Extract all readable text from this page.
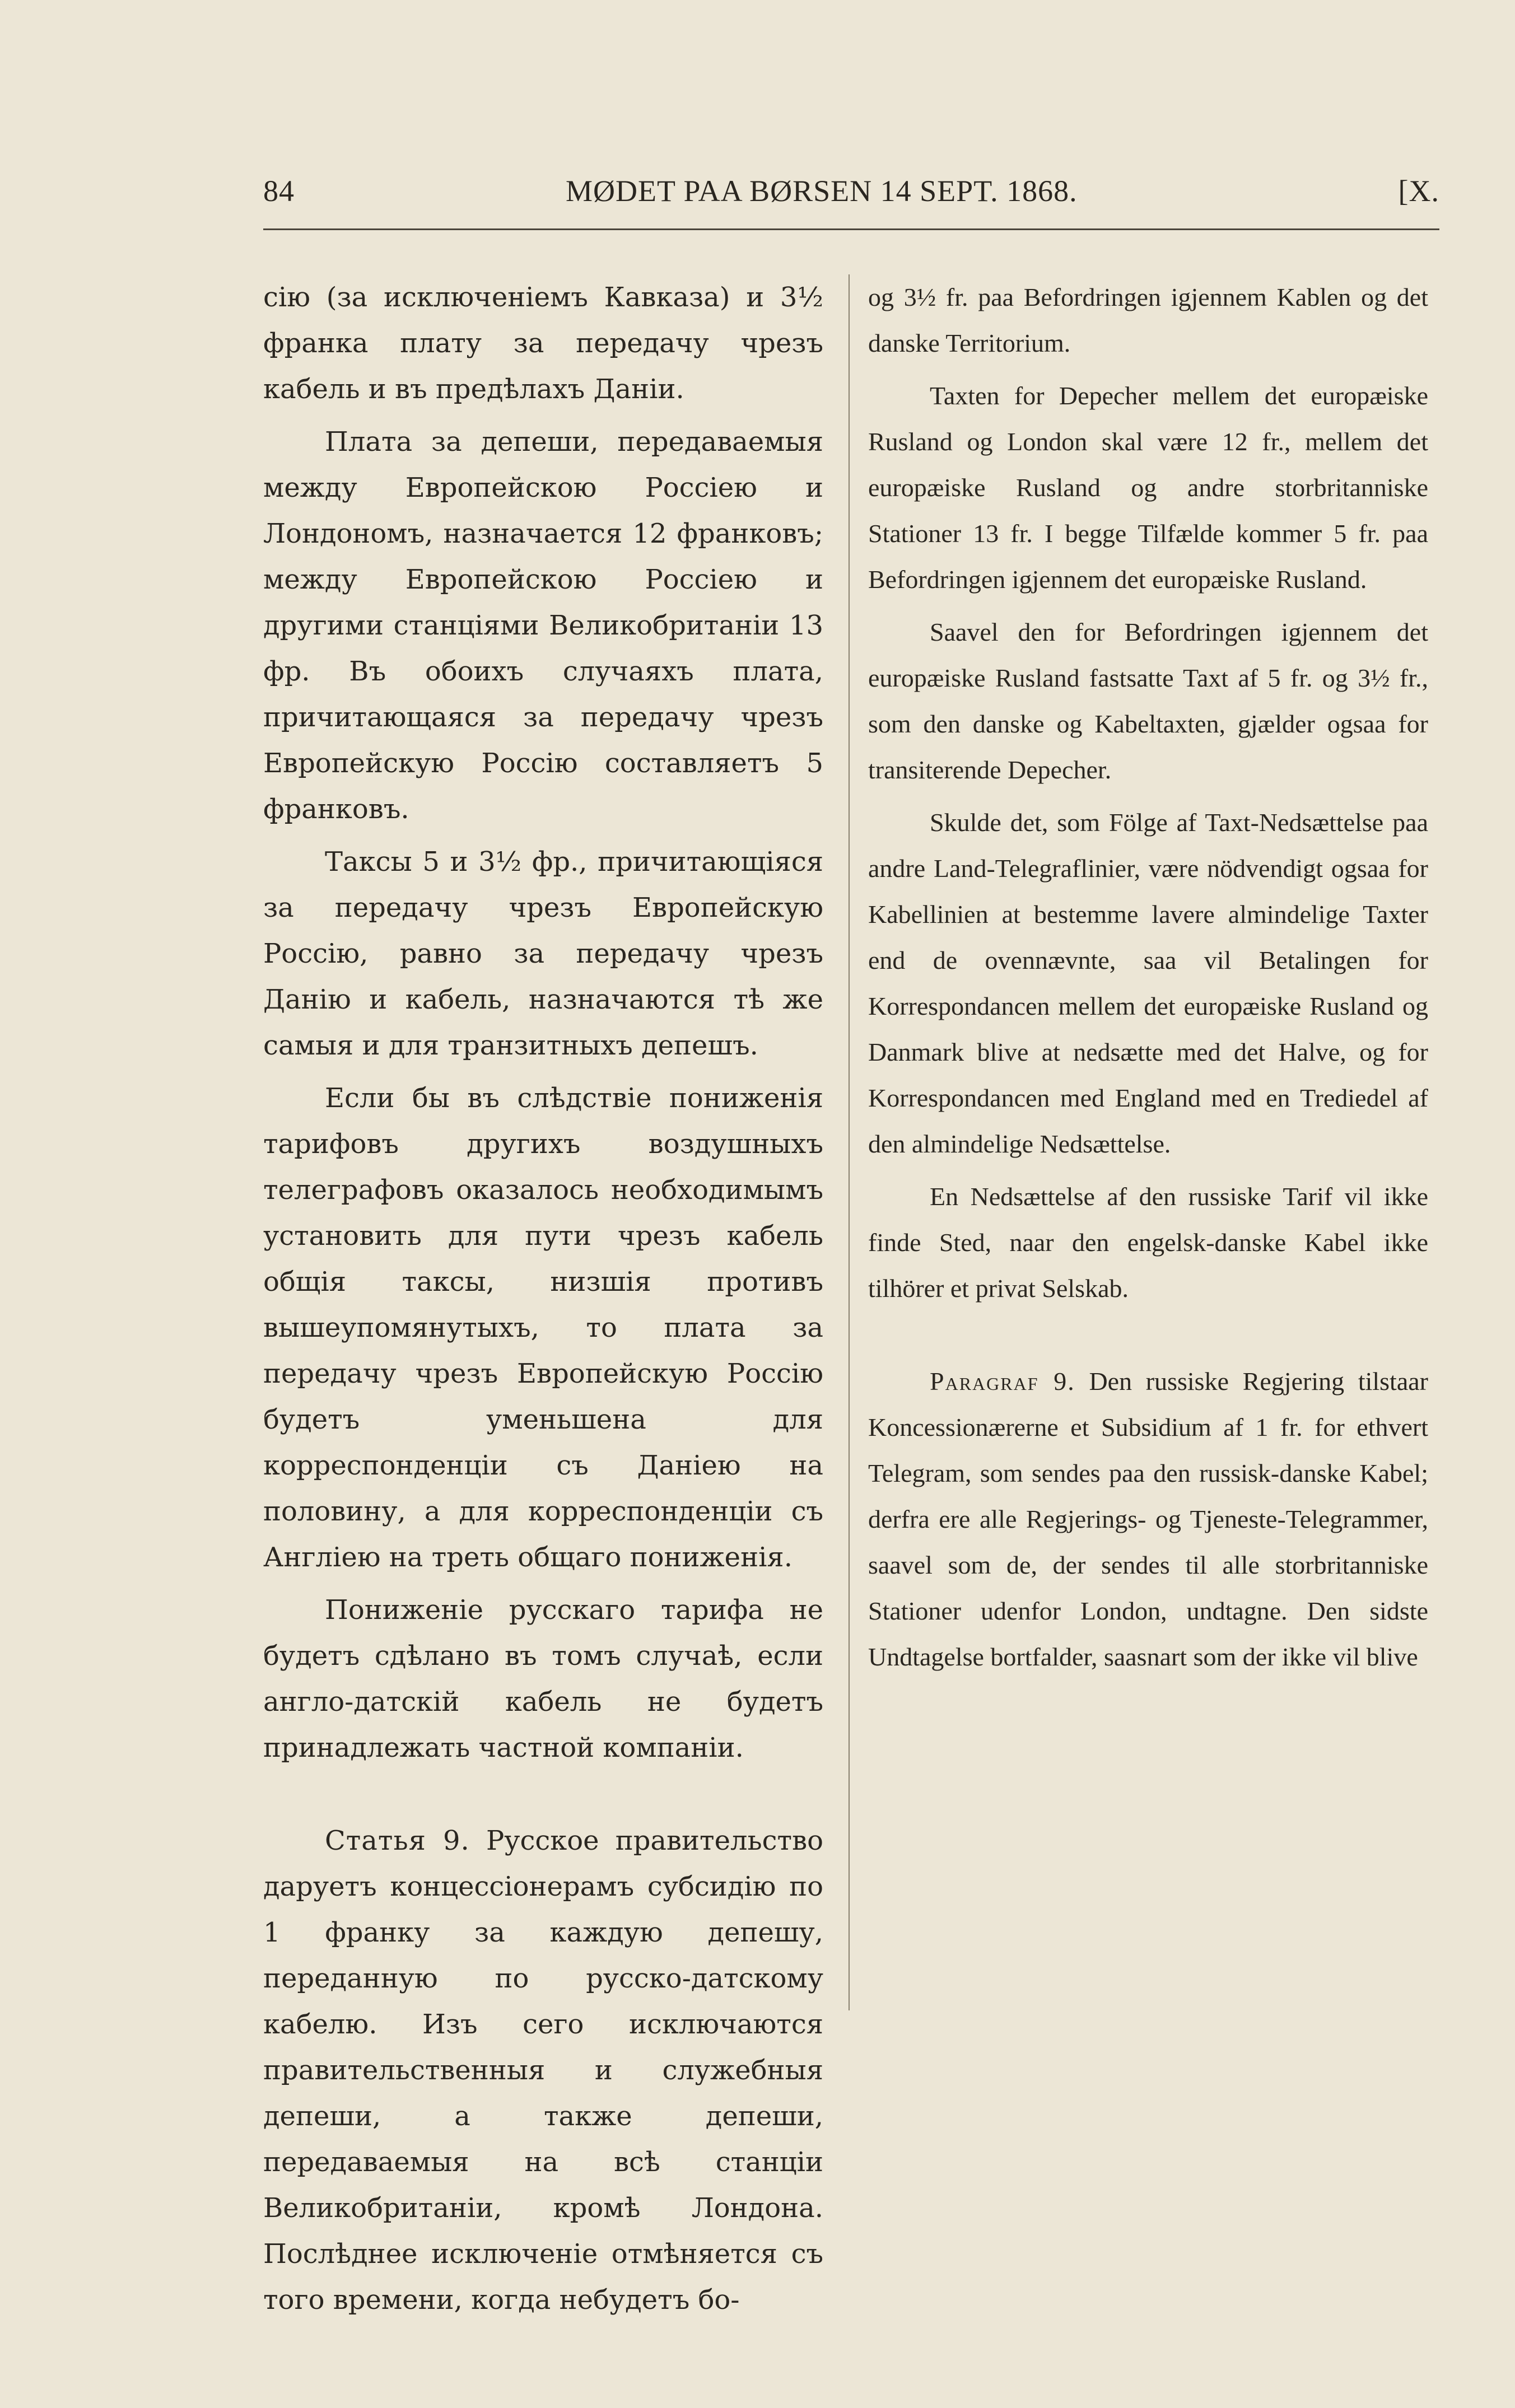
84	MØDET PAA BØRSEN 14 SEPT. 1868.	[X.

сію (за исключеніемъ Кавказа) и 3½ франка плату за передачу чрезъ кабель и въ предѣлахъ Даніи.

Плата за депеши, передаваемыя между Европейскою Россіею и Лондономъ, назначается 12 франковъ; между Европейскою Россіею и другими станціями Великобританіи 13 фр. Въ обоихъ случаяхъ плата, причитающаяся за передачу чрезъ Европейскую Россію составляетъ 5 франковъ.

Таксы 5 и 3½ фр., причитающіяся за передачу чрезъ Европейскую Россію, равно за передачу чрезъ Данію и кабель, назначаются тѣ же самыя и для транзитныхъ депешъ.

Если бы въ слѣдствіе пониженія тарифовъ другихъ воздушныхъ телеграфовъ оказалось необходимымъ установить для пути чрезъ кабель общія таксы, низшія противъ вышеупомянутыхъ, то плата за передачу чрезъ Европейскую Россію будетъ уменьшена для корреспонденціи съ Даніею на половину, а для корреспонденціи съ Англіею на треть общаго пониженія.

Пониженіе русскаго тарифа не будетъ сдѣлано въ томъ случаѣ, если англо-датскій кабель не будетъ принадлежать частной компаніи.

Статья 9. Русское правительство даруетъ концессіонерамъ субсидію по 1 франку за каждую депешу, переданную по русско-датскому кабелю. Изъ сего исключаются правительственныя и служебныя депеши, а также депеши, передаваемыя на всѣ станціи Великобританіи, кромѣ Лондона. Послѣднее исключеніе отмѣняется съ того времени, когда небудетъ бо-

og 3½ fr. paa Befordringen igjennem Kablen og det danske Territorium.

Taxten for Depecher mellem det europæiske Rusland og London skal være 12 fr., mellem det europæiske Rusland og andre storbritanniske Stationer 13 fr. I begge Tilfælde kommer 5 fr. paa Befordringen igjennem det europæiske Rusland.

Saavel den for Befordringen igjennem det europæiske Rusland fastsatte Taxt af 5 fr. og 3½ fr., som den danske og Kabeltaxten, gjælder ogsaa for transiterende Depecher.

Skulde det, som Fölge af Taxt-Nedsættelse paa andre Land-Telegraflinier, være nödvendigt ogsaa for Kabellinien at bestemme lavere almindelige Taxter end de ovennævnte, saa vil Betalingen for Korrespondancen mellem det europæiske Rusland og Danmark blive at nedsætte med det Halve, og for Korrespondancen med England med en Trediedel af den almindelige Nedsættelse.

En Nedsættelse af den russiske Tarif vil ikke finde Sted, naar den engelsk-danske Kabel ikke tilhörer et privat Selskab.

Paragraf 9. Den russiske Regjering tilstaar Koncessionærerne et Subsidium af 1 fr. for ethvert Telegram, som sendes paa den russisk-danske Kabel; derfra ere alle Regjerings- og Tjeneste-Telegrammer, saavel som de, der sendes til alle storbritanniske Stationer udenfor London, undtagne. Den sidste Undtagelse bortfalder, saasnart som der ikke vil blive
